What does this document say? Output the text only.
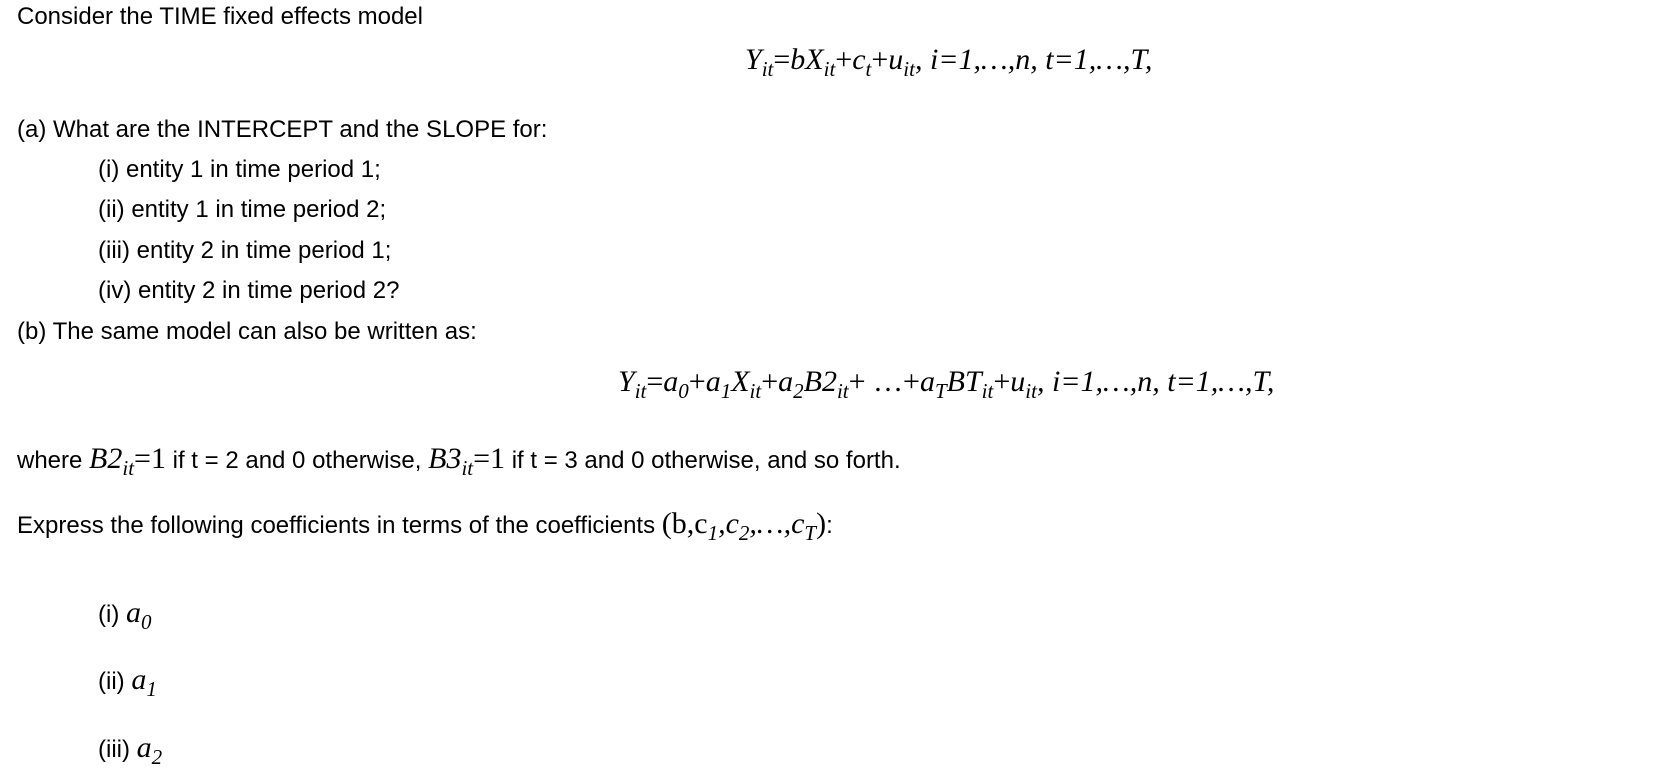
Consider the TIME fixed effects model
$Y_{it}=bX_{it}+c_t+u_{it}$, i=1,…,n, t=1,…,T,
(a) What are the INTERCEPT and the SLOPE for:
(i) entity 1 in time period 1;
(ii) entity 1 in time period 2;
(iii) entity 2 in time period 1;
(iv) entity 2 in time period 2?
(b) The same model can also be written as:
$Y_{it}=a_0+a_1X_{it}+a_2B2_{it}+$ $\dots+a_TBT_{it}+u_{it}$, i=1,…,n, t=1,…,T,
where $B2_{it}=1$ if t = 2 and 0 otherwise, $B3_{it}=1$ if t = 3 and 0 otherwise, and so forth.
Express the following coefficients in terms of the coefficients $(b,c_1,c_2,\dots,c_T)$:
(i) $a_0$
(ii) $a_1$
(iii) $a_2$
